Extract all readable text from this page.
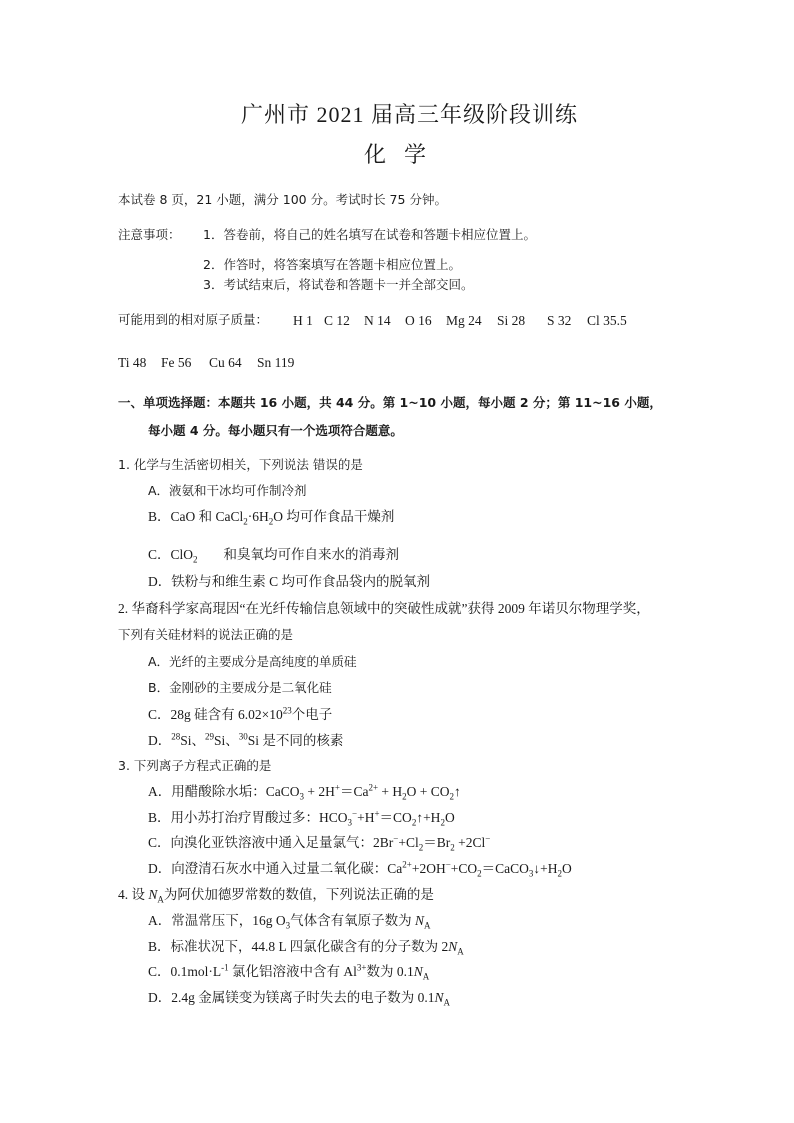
广州市 2021 届高三年级阶段训练
化学
本试卷 8 页，21 小题，满分 100 分。考试时长 75 分钟。
注意事项： 1．答卷前，将自己的姓名填写在试卷和答题卡相应位置上。
2．作答时，将答案填写在答题卡相应位置上。
3．考试结束后，将试卷和答题卡一并全部交回。
可能用到的相对原子质量： H 1 C 12 N 14 O 16 Mg 24 Si 28 S 32 Cl 35.5
Ti 48 Fe 56 Cu 64 Sn 119
一、单项选择题：本题共 16 小题，共 44 分。第 1~10 小题，每小题 2 分；第 11~16 小题，
每小题 4 分。每小题只有一个选项符合题意。
1. 化学与生活密切相关，下列说法 错误的是
A．液氨和干冰均可作制冷剂
B．CaO 和 $CaCl_2\cdot 6H_2O$ 均可作食品干燥剂
C．ClO$_2$ 和臭氧均可作自来水的消毒剂
D．铁粉与和维生素 C 均可作食品袋内的脱氧剂
2. 华裔科学家高琨因“在光纤传输信息领域中的突破性成就”获得 2009 年诺贝尔物理学奖，
下列有关硅材料的说法正确的是
A．光纤的主要成分是高纯度的单质硅
B．金刚砂的主要成分是二氧化硅
C．28g 硅含有 $6.02\times 10^{23}$个电子
D．$^{28}$Si、$^{29}$Si、$^{30}$Si 是不同的核素
3. 下列离子方程式正确的是
A．用醋酸除水垢：CaCO$_3$ + $2H^+=Ca^{2+} + H_2O$ + $CO_2↑$
B．用小苏打治疗胃酸过多：$HCO_3^-+H^+=CO_2↑+H_2O$
C．向溴化亚铁溶液中通入足量氯气：$2Br^-+Cl_2=Br_2 +2Cl^-$
D．向澄清石灰水中通入过量二氧化碳：$Ca^{2+}+2OH^-+CO_2=CaCO_3↓+H_2O$
4. 设 $N_A$为阿伏加德罗常数的数值，下列说法正确的是
A．常温常压下，16g $O_3$气体含有氧原子数为 $N_A$
B．标准状况下，44.8 L 四氯化碳含有的分子数为 $2N_A$
C．$0.1mol\cdot L^{-1}$ 氯化铝溶液中含有 $Al^{3+}$数为 $0.1N_A$
D．2.4g 金属镁变为镁离子时失去的电子数为 $0.1N_A$
